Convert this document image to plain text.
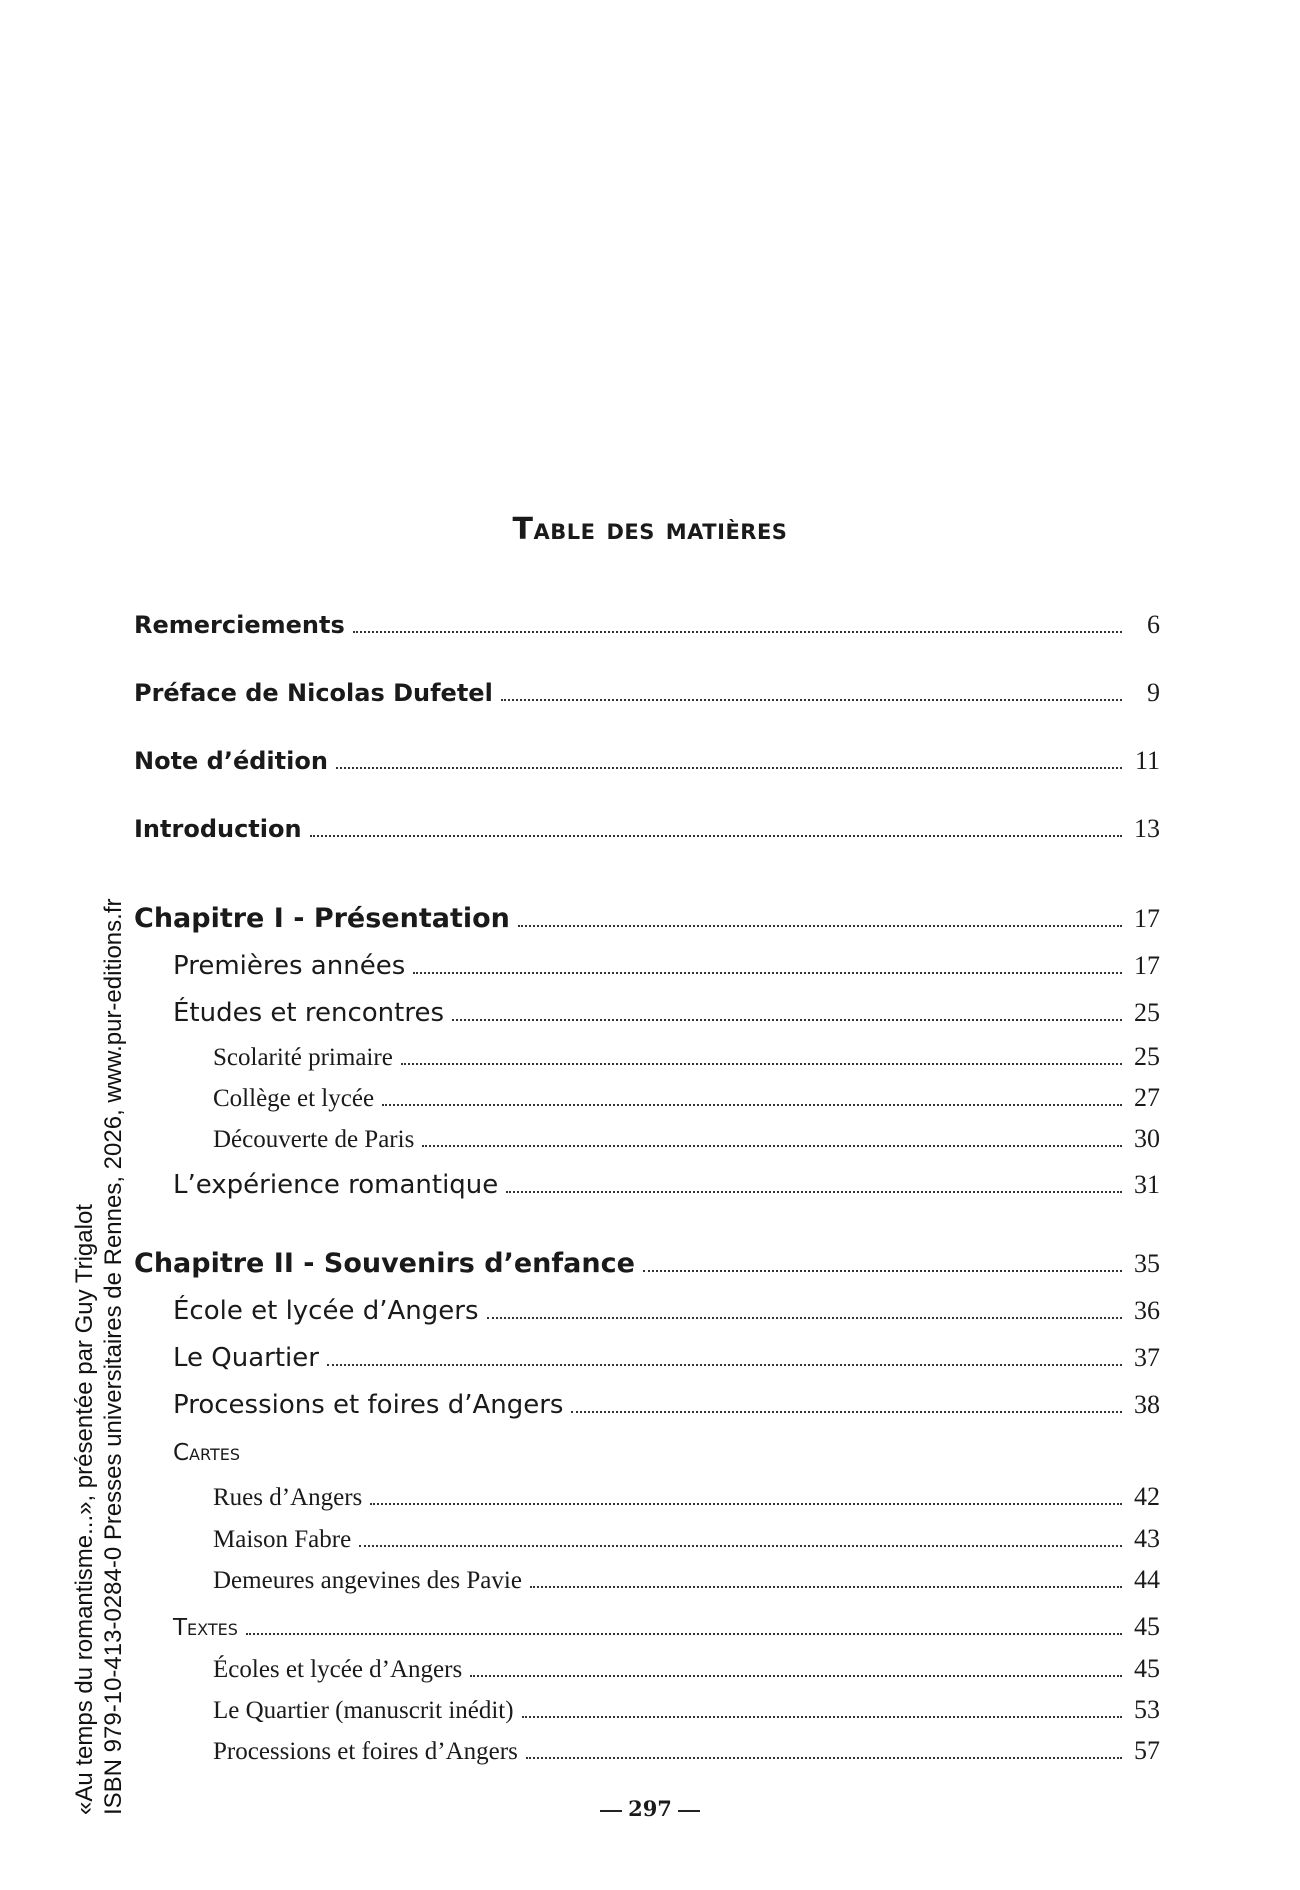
Table des matières
Remerciements	6
Préface de Nicolas Dufetel	9
Note d’édition	11
Introduction	13
Chapitre I - Présentation	17
Premières années	17
Études et rencontres	25
Scolarité primaire	25
Collège et lycée	27
Découverte de Paris	30
L’expérience romantique	31
Chapitre II - Souvenirs d’enfance	35
École et lycée d’Angers	36
Le Quartier	37
Processions et foires d’Angers	38
Cartes
Rues d’Angers	42
Maison Fabre	43
Demeures angevines des Pavie	44
Textes	45
Écoles et lycée d’Angers	45
Le Quartier (manuscrit inédit)	53
Processions et foires d’Angers	57
297
«Au temps du romantisme...», présentée par Guy Trigalot ISBN 979-10-413-0284-0 Presses universitaires de Rennes, 2026, www.pur-editions.fr
